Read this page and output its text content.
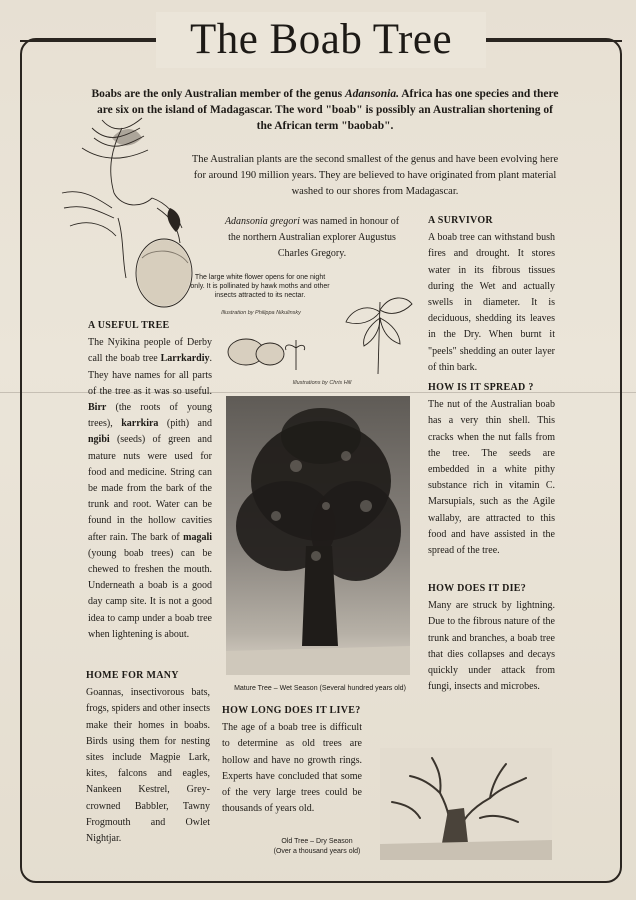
The Boab Tree
Boabs are the only Australian member of the genus Adansonia. Africa has one species and there are six on the island of Madagascar. The word "boab" is possibly an Australian shortening of the African term "baobab".
The Australian plants are the second smallest of the genus and have been evolving here for around 190 million years. They are believed to have originated from plant material washed to our shores from Madagascar.
Adansonia gregori was named in honour of the northern Australian explorer Augustus Charles Gregory.
The large white flower opens for one night only. It is pollinated by hawk moths and other insects attracted to its nectar.
Illustration by Philippa Nikulinsky
Illustrations by Chris Hill
A USEFUL TREE
The Nyikina people of Derby call the boab tree Larrkardiy. They have names for all parts of the tree as it was so useful. Birr (the roots of young trees), karrkira (pith) and ngibi (seeds) of green and mature nuts were used for food and medicine. String can be made from the bark of the trunk and root. Water can be found in the hollow cavities after rain. The bark of magali (young boab trees) can be chewed to freshen the mouth. Underneath a boab is a good day camp site. It is not a good idea to camp under a boab tree when lightening is about.
HOME FOR MANY
Goannas, insectivorous bats, frogs, spiders and other insects make their homes in boabs. Birds using them for nesting sites include Magpie Lark, kites, falcons and eagles, Nankeen Kestrel, Grey-crowned Babbler, Tawny Frogmouth and Owlet Nightjar.
Mature Tree – Wet Season (Several hundred years old)
HOW LONG DOES IT LIVE?
The age of a boab tree is difficult to determine as old trees are hollow and have no growth rings. Experts have concluded that some of the very large trees could be thousands of years old.
A SURVIVOR
A boab tree can withstand bush fires and drought. It stores water in its fibrous tissues during the Wet and actually swells in diameter. It is deciduous, shedding its leaves in the Dry. When burnt it "peels" shedding an outer layer of thin bark.
HOW IS IT SPREAD ?
The nut of the Australian boab has a very thin shell. This cracks when the nut falls from the tree. The seeds are embedded in a white pithy substance rich in vitamin C. Marsupials, such as the Agile wallaby, are attracted to this food and have assisted in the spread of the tree.
HOW DOES IT DIE?
Many are struck by lightning. Due to the fibrous nature of the trunk and branches, a boab tree that dies collapses and decays quickly under attack from fungi, insects and microbes.
Old Tree – Dry Season
(Over a thousand years old)
